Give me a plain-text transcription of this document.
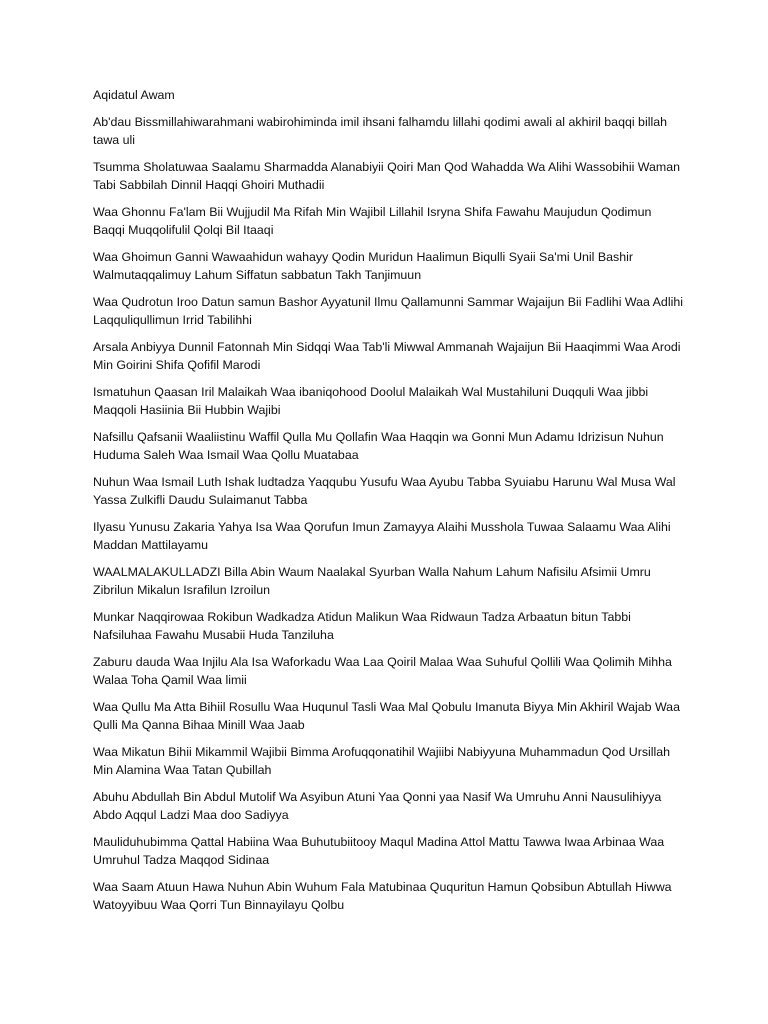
Aqidatul Awam

Ab'dau Bissmillahiwarahmani wabirohiminda imil ihsani falhamdu lillahi qodimi awali al akhiril baqqi billah tawa uli

Tsumma Sholatuwaa Saalamu Sharmadda Alanabiyii Qoiri Man Qod Wahadda Wa Alihi Wassobihii Waman Tabi Sabbilah Dinnil Haqqi Ghoiri Muthadii

Waa Ghonnu Fa'lam Bii Wujjudil Ma Rifah Min Wajibil Lillahil Isryna Shifa Fawahu Maujudun Qodimun Baqqi Muqqolifulil Qolqi Bil Itaaqi

Waa Ghoimun Ganni Wawaahidun wahayy Qodin Muridun Haalimun Biqulli Syaii Sa'mi Unil Bashir Walmutaqqalimuy Lahum Siffatun sabbatun Takh Tanjimuun

Waa Qudrotun Iroo Datun samun Bashor Ayyatunil Ilmu Qallamunni Sammar Wajaijun Bii Fadlihi Waa Adlihi Laqquliqullimun Irrid Tabilihhi

Arsala Anbiyya Dunnil Fatonnah Min Sidqqi Waa Tab'li Miwwal Ammanah Wajaijun Bii Haaqimmi Waa Arodi Min Goirini Shifa Qofifil Marodi

Ismatuhun Qaasan Iril Malaikah Waa ibaniqohood Doolul Malaikah Wal Mustahiluni Duqquli Waa jibbi Maqqoli Hasiinia Bii Hubbin Wajibi

Nafsillu Qafsanii Waaliistinu Waffil Qulla Mu Qollafin Waa Haqqin wa Gonni Mun Adamu Idrizisun Nuhun Huduma Saleh Waa Ismail Waa Qollu Muatabaa

Nuhun Waa Ismail Luth Ishak ludtadza Yaqqubu Yusufu Waa Ayubu Tabba Syuiabu Harunu Wal Musa Wal Yassa Zulkifli Daudu Sulaimanut Tabba

Ilyasu Yunusu Zakaria Yahya Isa Waa Qorufun Imun Zamayya Alaihi Musshola Tuwaa Salaamu Waa Alihi Maddan Mattilayamu

WAALMALAKULLADZI Billa Abin Waum Naalakal Syurban Walla Nahum Lahum Nafisilu Afsimii Umru Zibrilun Mikalun Israfilun Izroilun

Munkar Naqqirowaa Rokibun Wadkadza Atidun Malikun Waa Ridwaun Tadza Arbaatun bitun Tabbi Nafsiluhaa Fawahu Musabii Huda Tanziluha

Zaburu dauda Waa Injilu Ala Isa Waforkadu Waa Laa Qoiril Malaa Waa Suhuful Qollili Waa Qolimih Mihha Walaa Toha Qamil Waa limii

Waa Qullu Ma Atta Bihiil Rosullu Waa Huqunul Tasli Waa Mal Qobulu Imanuta Biyya Min Akhiril Wajab Waa Qulli Ma Qanna Bihaa Minill Waa Jaab

Waa Mikatun Bihii Mikammil Wajibii Bimma Arofuqqonatihil Wajiibi Nabiyyuna Muhammadun Qod Ursillah Min Alamina Waa Tatan Qubillah

Abuhu Abdullah Bin Abdul Mutolif Wa Asyibun Atuni Yaa Qonni yaa Nasif Wa Umruhu Anni Nausulihiyya Abdo Aqqul Ladzi Maa doo Sadiyya

Mauliduhubimma Qattal Habiina Waa Buhutubiitooy Maqul Madina Attol Mattu Tawwa Iwaa Arbinaa Waa Umruhul Tadza Maqqod Sidinaa

Waa Saam Atuun Hawa Nuhun Abin Wuhum Fala Matubinaa Ququritun Hamun Qobsibun Abtullah Hiwwa Watoyyibuu Waa Qorri Tun Binnayilayu Qolbu
